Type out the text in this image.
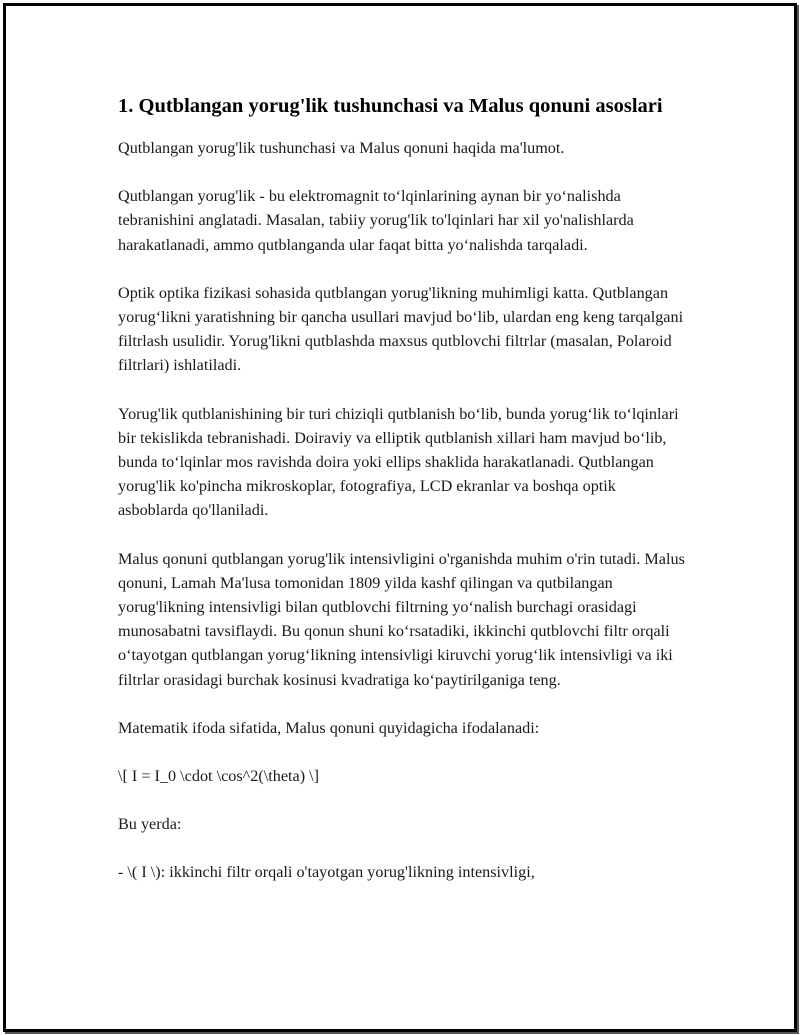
1. Qutblangan yorug'lik tushunchasi va Malus qonuni asoslari

Qutblangan yorug'lik tushunchasi va Malus qonuni haqida ma'lumot.

Qutblangan yorug'lik - bu elektromagnit to‘lqinlarining aynan bir yo‘nalishda tebranishini anglatadi. Masalan, tabiiy yorug'lik to'lqinlari har xil yo'nalishlarda harakatlanadi, ammo qutblanganda ular faqat bitta yo‘nalishda tarqaladi.

Optik optika fizikasi sohasida qutblangan yorug'likning muhimligi katta. Qutblangan yorug‘likni yaratishning bir qancha usullari mavjud bo‘lib, ulardan eng keng tarqalgani filtrlash usulidir. Yorug'likni qutblashda maxsus qutblovchi filtrlar (masalan, Polaroid filtrlari) ishlatiladi.

Yorug'lik qutblanishining bir turi chiziqli qutblanish bo‘lib, bunda yorug‘lik to‘lqinlari bir tekislikda tebranishadi. Doiraviy va elliptik qutblanish xillari ham mavjud bo‘lib, bunda to‘lqinlar mos ravishda doira yoki ellips shaklida harakatlanadi. Qutblangan yorug'lik ko'pincha mikroskoplar, fotografiya, LCD ekranlar va boshqa optik asboblarda qo'llaniladi.

Malus qonuni qutblangan yorug'lik intensivligini o'rganishda muhim o'rin tutadi. Malus qonuni, Lamah Ma'lusa tomonidan 1809 yilda kashf qilingan va qutbilangan yorug'likning intensivligi bilan qutblovchi filtrning yo‘nalish burchagi orasidagi munosabatni tavsiflaydi. Bu qonun shuni ko‘rsatadiki, ikkinchi qutblovchi filtr orqali o‘tayotgan qutblangan yorug‘likning intensivligi kiruvchi yorug‘lik intensivligi va iki filtrlar orasidagi burchak kosinusi kvadratiga ko‘paytirilganiga teng.

Matematik ifoda sifatida, Malus qonuni quyidagicha ifodalanadi:

\[ I = I_0 \cdot \cos^2(\theta) \]

Bu yerda:

- \( I \): ikkinchi filtr orqali o'tayotgan yorug'likning intensivligi,
